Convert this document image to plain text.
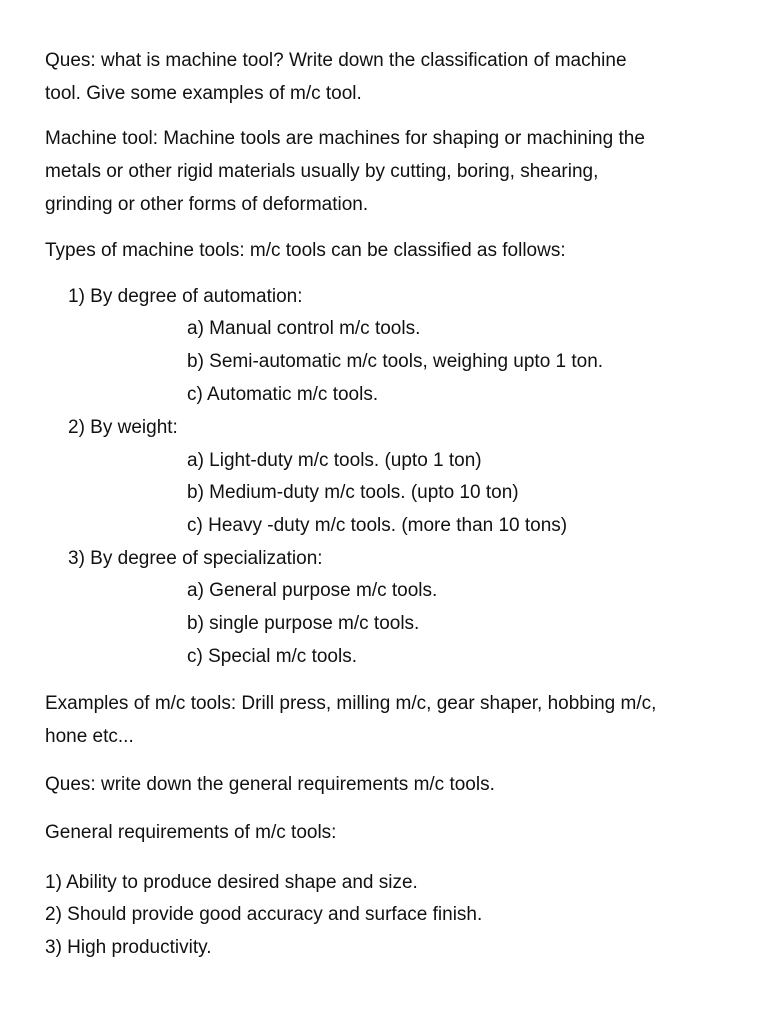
Ques: what is machine tool? Write down the classification of machine
tool. Give some examples of m/c tool.
Machine tool: Machine tools are machines for shaping or machining the
metals or other rigid materials usually by cutting, boring, shearing,
grinding or other forms of deformation.
Types of machine tools: m/c tools can be classified as follows:
1) By degree of automation:
a) Manual control m/c tools.
b) Semi-automatic m/c tools, weighing upto 1 ton.
c) Automatic m/c tools.
2) By weight:
a) Light-duty m/c tools. (upto 1 ton)
b) Medium-duty m/c tools. (upto 10 ton)
c) Heavy -duty m/c tools. (more than 10 tons)
3) By degree of specialization:
a) General purpose m/c tools.
b) single purpose m/c tools.
c) Special m/c tools.
Examples of m/c tools: Drill press, milling m/c, gear shaper, hobbing m/c,
hone etc...
Ques: write down the general requirements m/c tools.
General requirements of m/c tools:
1) Ability to produce desired shape and size.
2) Should provide good accuracy and surface finish.
3) High productivity.
